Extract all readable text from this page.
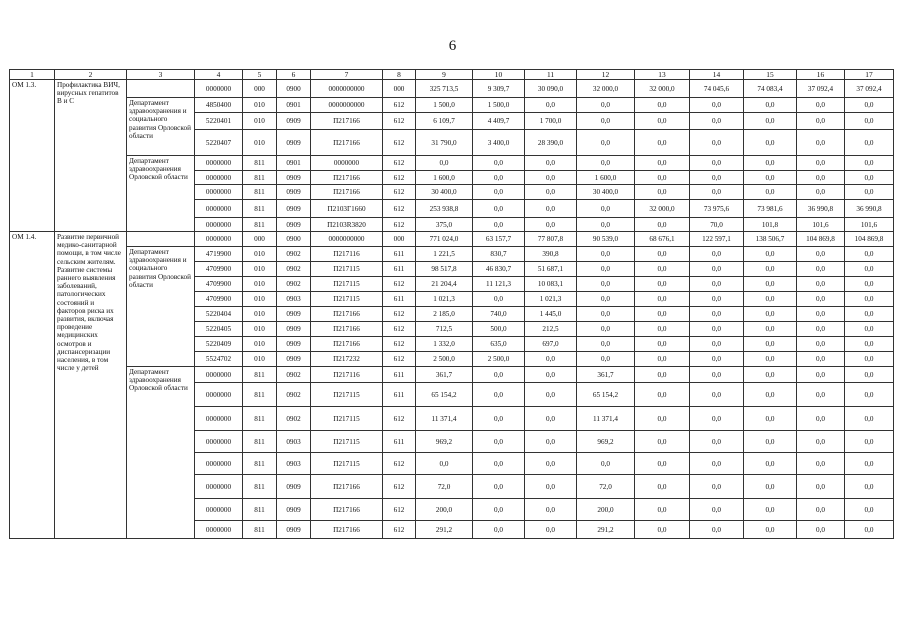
6
1	2	3	4	5	6	7	8	9	10	11	12	13	14	15	16	17
ОМ 1.3.	Профилактика ВИЧ, вирусных гепатитов В и С		0000000	000	0900	0000000000	000	325 713,5	9 309,7	30 090,0	32 000,0	32 000,0	74 045,6	74 083,4	37 092,4	37 092,4
		Департамент здравоохранения и социального развития Орловской области	4850400	010	0901	0000000000	612	1 500,0	1 500,0	0,0	0,0	0,0	0,0	0,0	0,0	0,0
			5220401	010	0909	П217166	612	6 109,7	4 409,7	1 700,0	0,0	0,0	0,0	0,0	0,0	0,0
			5220407	010	0909	П217166	612	31 790,0	3 400,0	28 390,0	0,0	0,0	0,0	0,0	0,0	0,0
		Департамент здравоохранения Орловской области	0000000	811	0901	0000000	612	0,0	0,0	0,0	0,0	0,0	0,0	0,0	0,0	0,0
			0000000	811	0909	П217166	612	1 600,0	0,0	0,0	1 600,0	0,0	0,0	0,0	0,0	0,0
			0000000	811	0909	П217166	612	30 400,0	0,0	0,0	30 400,0	0,0	0,0	0,0	0,0	0,0
			0000000	811	0909	П2103Г1660	612	253 938,8	0,0	0,0	0,0	32 000,0	73 975,6	73 981,6	36 990,8	36 990,8
			0000000	811	0909	П2103R3820	612	375,0	0,0	0,0	0,0	0,0	70,0	101,8	101,6	101,6
ОМ 1.4.	Развитие первичной медико-санитарной помощи, в том числе сельским жителям. Развитие системы раннего выявления заболеваний, патологических состояний и факторов риска их развития, включая проведение медицинских осмотров и диспансеризации населения, в том числе у детей		0000000	000	0900	0000000000	000	771 024,0	63 157,7	77 807,8	90 539,0	68 676,1	122 597,1	138 506,7	104 869,8	104 869,8
		Департамент здравоохранения и социального развития Орловской области	4719900	010	0902	П217116	611	1 221,5	830,7	390,8	0,0	0,0	0,0	0,0	0,0	0,0
			4709900	010	0902	П217115	611	98 517,8	46 830,7	51 687,1	0,0	0,0	0,0	0,0	0,0	0,0
			4709900	010	0902	П217115	612	21 204,4	11 121,3	10 083,1	0,0	0,0	0,0	0,0	0,0	0,0
			4709900	010	0903	П217115	611	1 021,3	0,0	1 021,3	0,0	0,0	0,0	0,0	0,0	0,0
			5220404	010	0909	П217166	612	2 185,0	740,0	1 445,0	0,0	0,0	0,0	0,0	0,0	0,0
			5220405	010	0909	П217166	612	712,5	500,0	212,5	0,0	0,0	0,0	0,0	0,0	0,0
			5220409	010	0909	П217166	612	1 332,0	635,0	697,0	0,0	0,0	0,0	0,0	0,0	0,0
			5524702	010	0909	П217232	612	2 500,0	2 500,0	0,0	0,0	0,0	0,0	0,0	0,0	0,0
		Департамент здравоохранения Орловской области	0000000	811	0902	П217116	611	361,7	0,0	0,0	361,7	0,0	0,0	0,0	0,0	0,0
			0000000	811	0902	П217115	611	65 154,2	0,0	0,0	65 154,2	0,0	0,0	0,0	0,0	0,0
			0000000	811	0902	П217115	612	11 371,4	0,0	0,0	11 371,4	0,0	0,0	0,0	0,0	0,0
			0000000	811	0903	П217115	611	969,2	0,0	0,0	969,2	0,0	0,0	0,0	0,0	0,0
			0000000	811	0903	П217115	612	0,0	0,0	0,0	0,0	0,0	0,0	0,0	0,0	0,0
			0000000	811	0909	П217166	612	72,0	0,0	0,0	72,0	0,0	0,0	0,0	0,0	0,0
			0000000	811	0909	П217166	612	200,0	0,0	0,0	200,0	0,0	0,0	0,0	0,0	0,0
			0000000	811	0909	П217166	612	291,2	0,0	0,0	291,2	0,0	0,0	0,0	0,0	0,0
